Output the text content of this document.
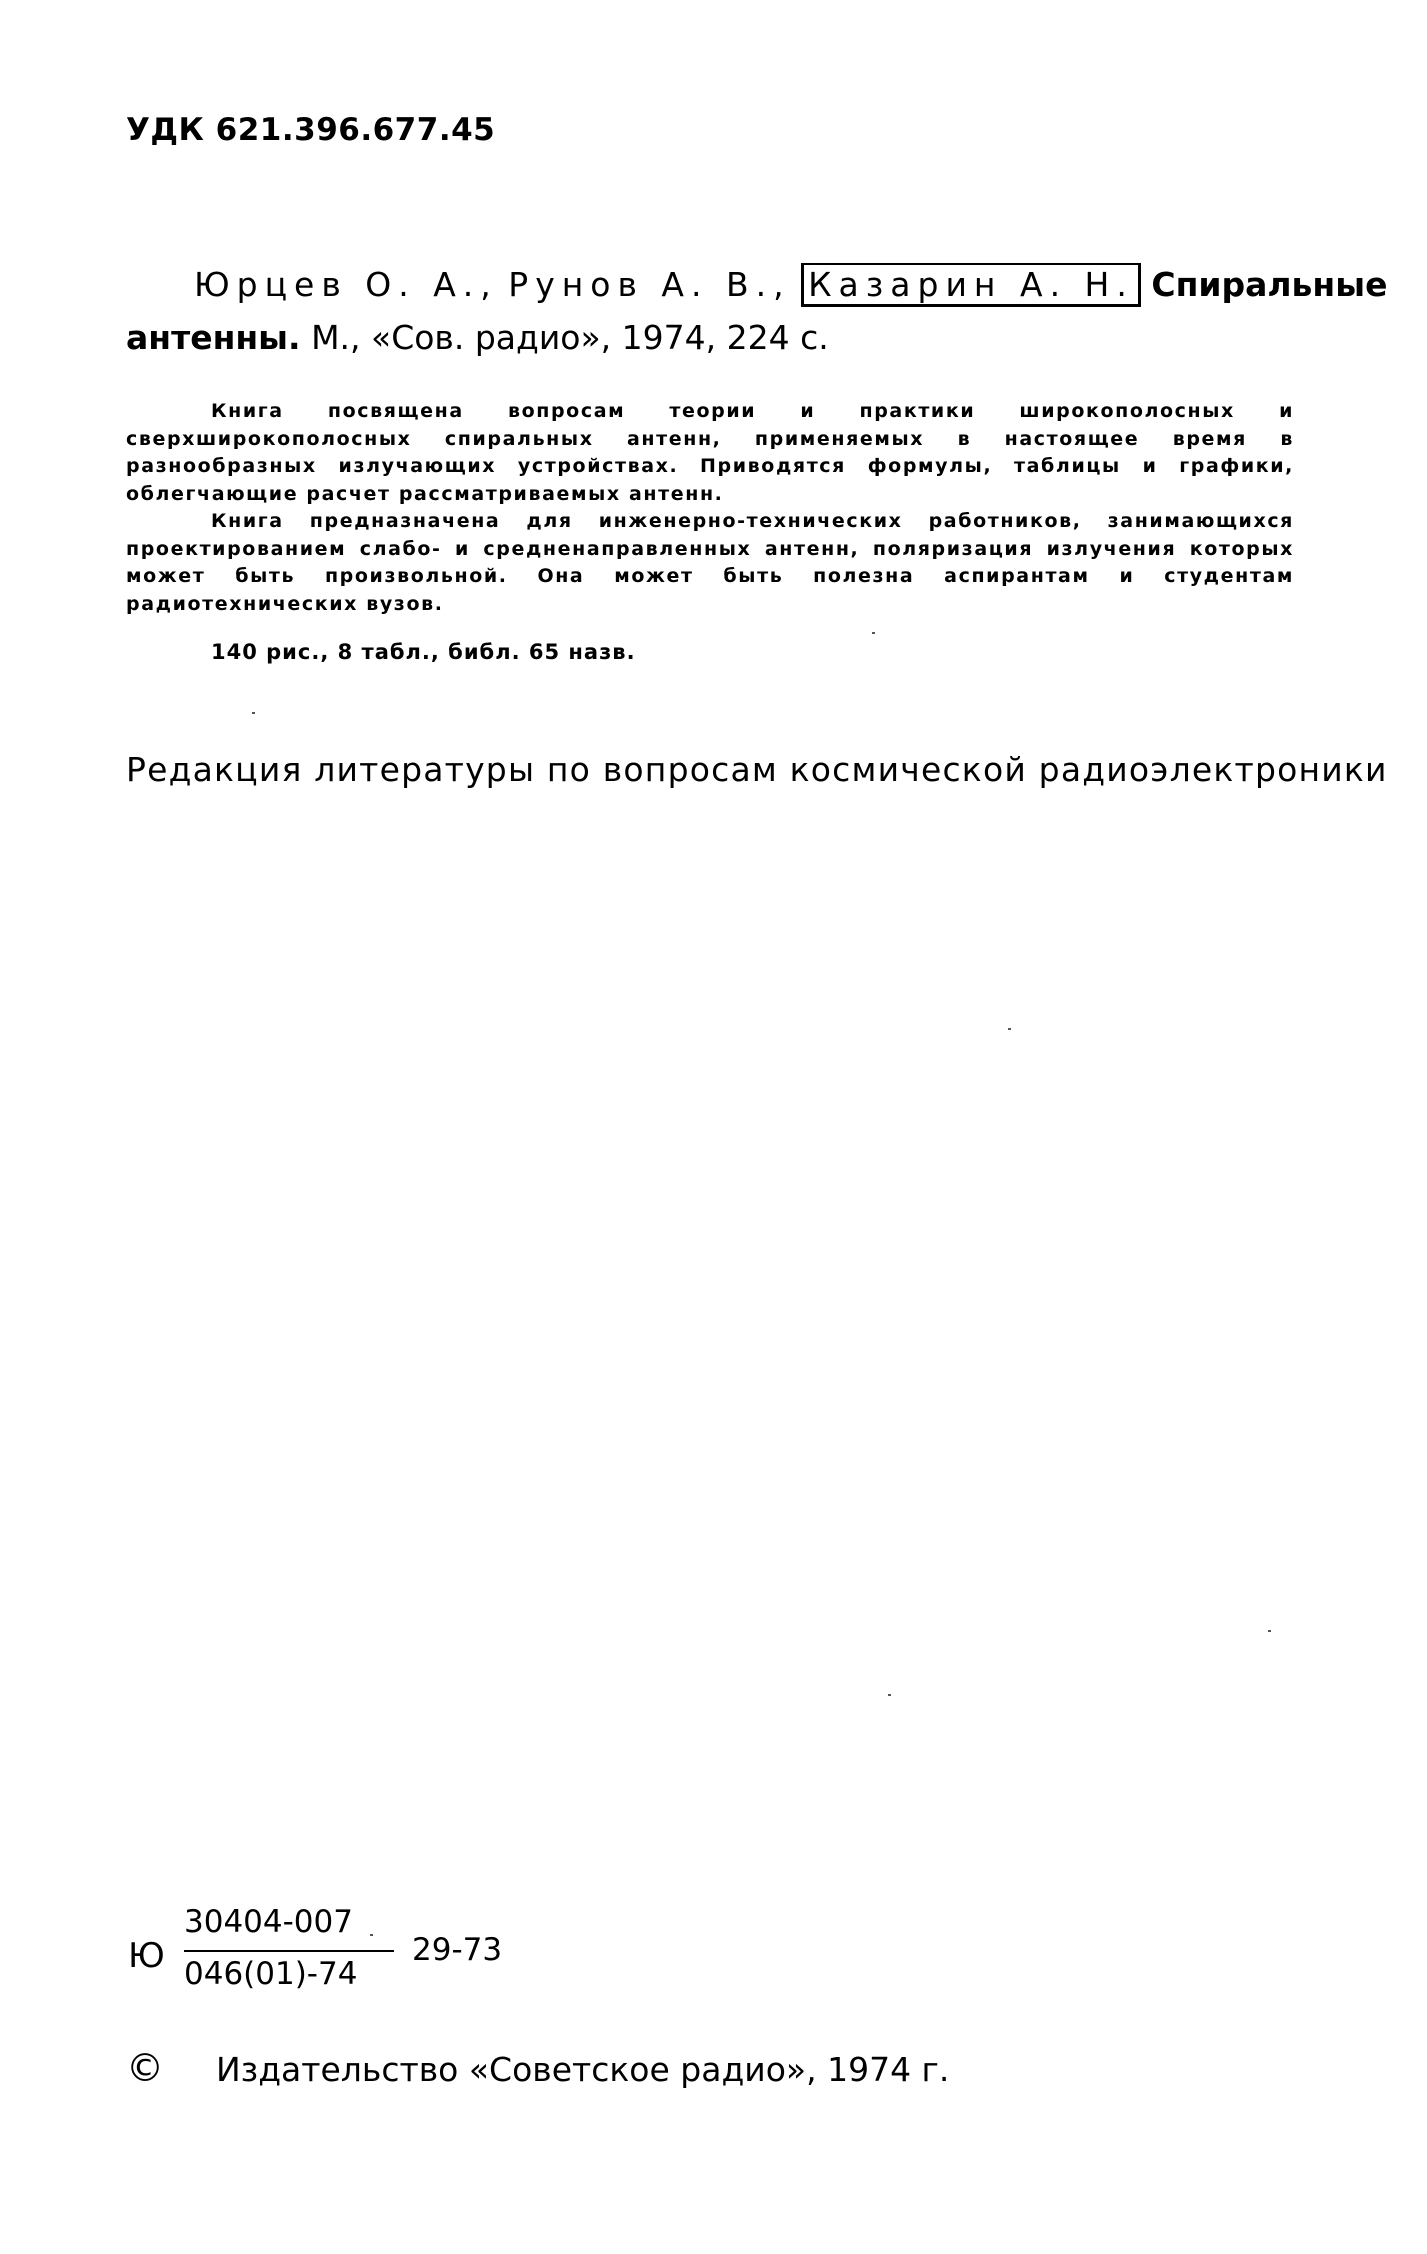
УДК 621.396.677.45
Юрцев О. А., Рунов А. В., Казарин А. Н. Спиральные
антенны. М., «Сов. радио», 1974, 224 с.

Книга посвящена вопросам теории и практики широкополосных и сверхширокополосных спиральных антенн, применяемых в настоящее время в разнообразных излучающих устройствах. Приводятся формулы, таблицы и графики, облегчающие расчет рассматриваемых антенн.

Книга предназначена для инженерно-технических работников, занимающихся проектированием слабо- и средненаправленных антенн, поляризация излучения которых может быть произвольной. Она может быть полезна аспирантам и студентам радиотехнических вузов.

140 рис., 8 табл., библ. 65 назв.
Редакция литературы по вопросам космической радиоэлектроники
Ю
30404-007
046(01)-74
29-73
© Издательство «Советское радио», 1974 г.
